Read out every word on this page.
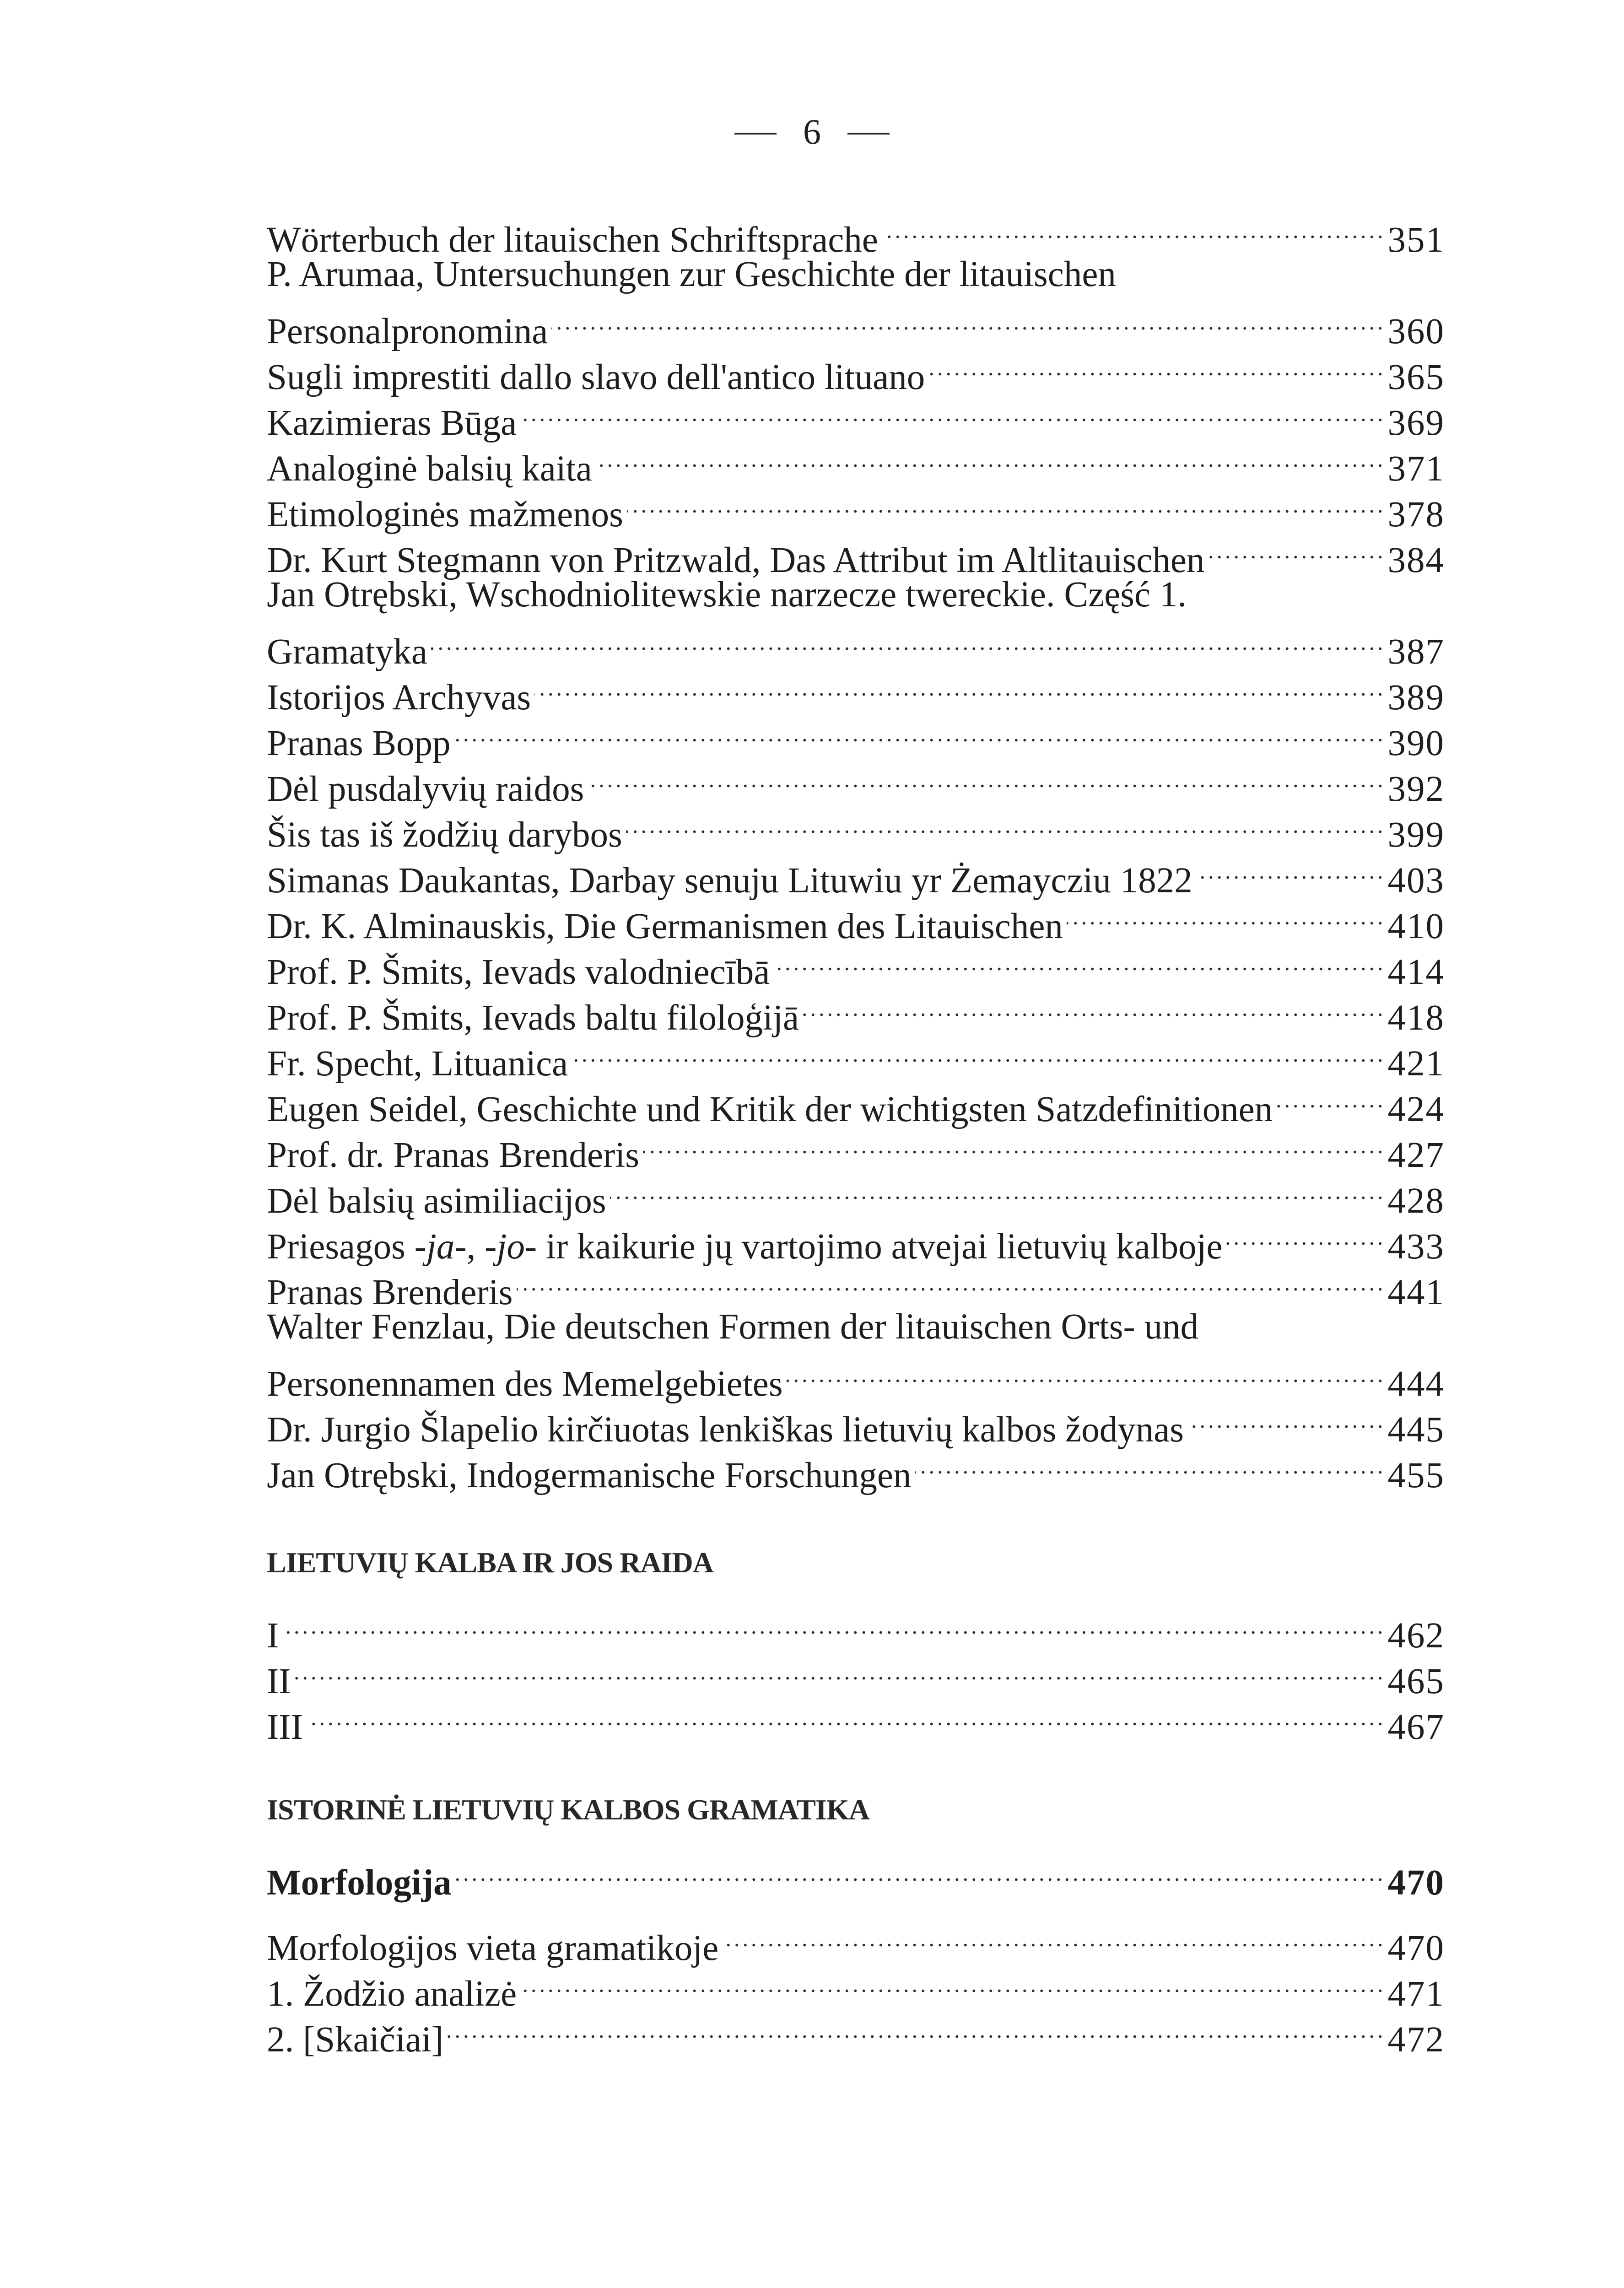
6
Wörterbuch der litauischen Schriftsprache .....	351
P. Arumaa, Untersuchungen zur Geschichte der litauischen
Personalpronomina .....	360
Sugli imprestiti dallo slavo dell'antico lituano .....	365
Kazimieras Būga .....	369
Analoginė balsių kaita .....	371
Etimologinės mažmenos .....	378
Dr. Kurt Stegmann von Pritzwald, Das Attribut im Altlitauischen .....	384
Jan Otrębski, Wschodniolitewskie narzecze twereckie. Część 1.
Gramatyka .....	387
Istorijos Archyvas .....	389
Pranas Bopp .....	390
Dėl pusdalyvių raidos .....	392
Šis tas iš žodžių darybos .....	399
Simanas Daukantas, Darbay senuju Lituwiu yr Żemayczіu 1822 .....	403
Dr. K. Alminauskis, Die Germanismen des Litauischen .....	410
Prof. P. Šmits, Ievads valodniecībā .....	414
Prof. P. Šmits, Ievads baltu filoloģijā .....	418
Fr. Specht, Lituanica .....	421
Eugen Seidel, Geschichte und Kritik der wichtigsten Satzdefinitionen .....	424
Prof. dr. Pranas Brenderis .....	427
Dėl balsių asimiliacijos .....	428
Priesagos -ja-, -jo- ir kaikurie jų vartojimo atvejai lietuvių kalboje .....	433
Pranas Brenderis .....	441
Walter Fenzlau, Die deutschen Formen der litauischen Orts- und
Personennamen des Memelgebietes .....	444
Dr. Jurgio Šlapelio kirčiuotas lenkiškas lietuvių kalbos žodynas .....	445
Jan Otrębski, Indogermanische Forschungen .....	455
LIETUVIŲ KALBA IR JOS RAIDA
I .....	462
II .....	465
III .....	467
ISTORINĖ LIETUVIŲ KALBOS GRAMATIKA
Morfologija .....	470
Morfologijos vieta gramatikoje .....	470
1. Žodžio analizė .....	471
2. [Skaičiai] .....	472
